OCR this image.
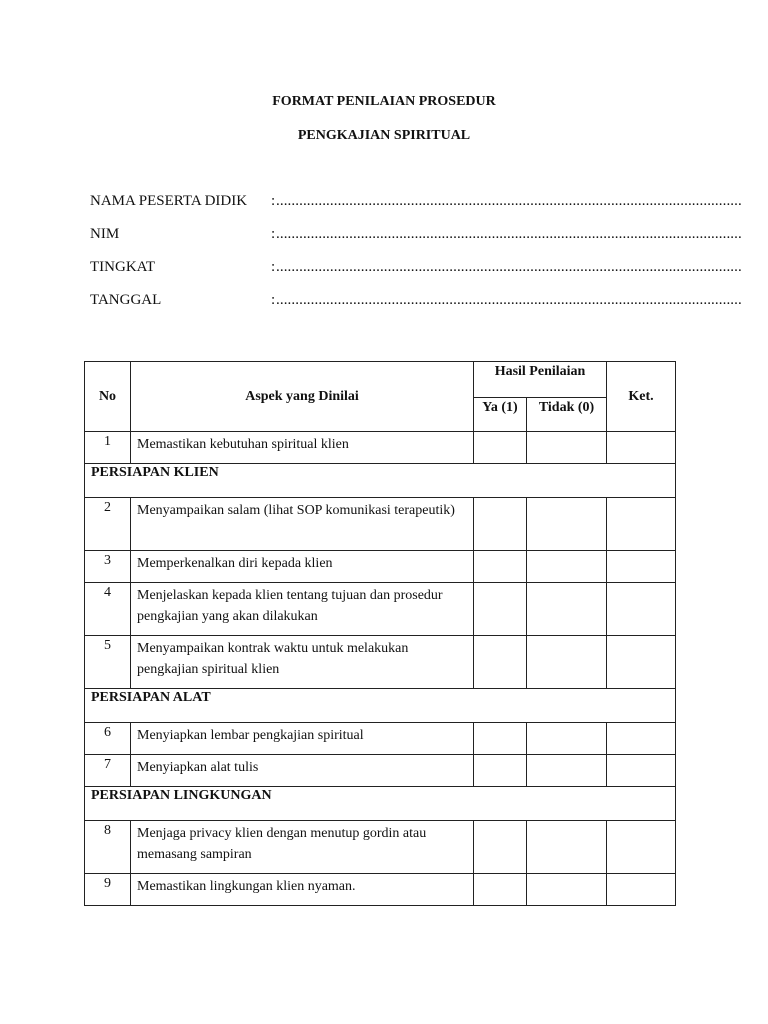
FORMAT PENILAIAN PROSEDUR
PENGKAJIAN SPIRITUAL
NAMA PESERTA DIDIK : .........................................................................................................................
NIM	: .........................................................................................................................
TINGKAT	: .........................................................................................................................
TANGGAL	: .........................................................................................................................
No	Aspek yang Dinilai	Hasil Penilaian		Ket.
		Ya (1)	Tidak (0)	
1	Memastikan kebutuhan spiritual klien			
PERSIAPAN KLIEN				
2	Menyampaikan salam (lihat SOP komunikasi terapeutik)			
3	Memperkenalkan diri kepada klien			
4	Menjelaskan kepada klien tentang tujuan dan prosedur pengkajian yang akan dilakukan			
5	Menyampaikan kontrak waktu untuk melakukan pengkajian spiritual klien			
PERSIAPAN ALAT				
6	Menyiapkan lembar pengkajian spiritual			
7	Menyiapkan alat tulis			
PERSIAPAN LINGKUNGAN				
8	Menjaga privacy klien dengan menutup gordin atau memasang sampiran			
9	Memastikan lingkungan klien nyaman.			
